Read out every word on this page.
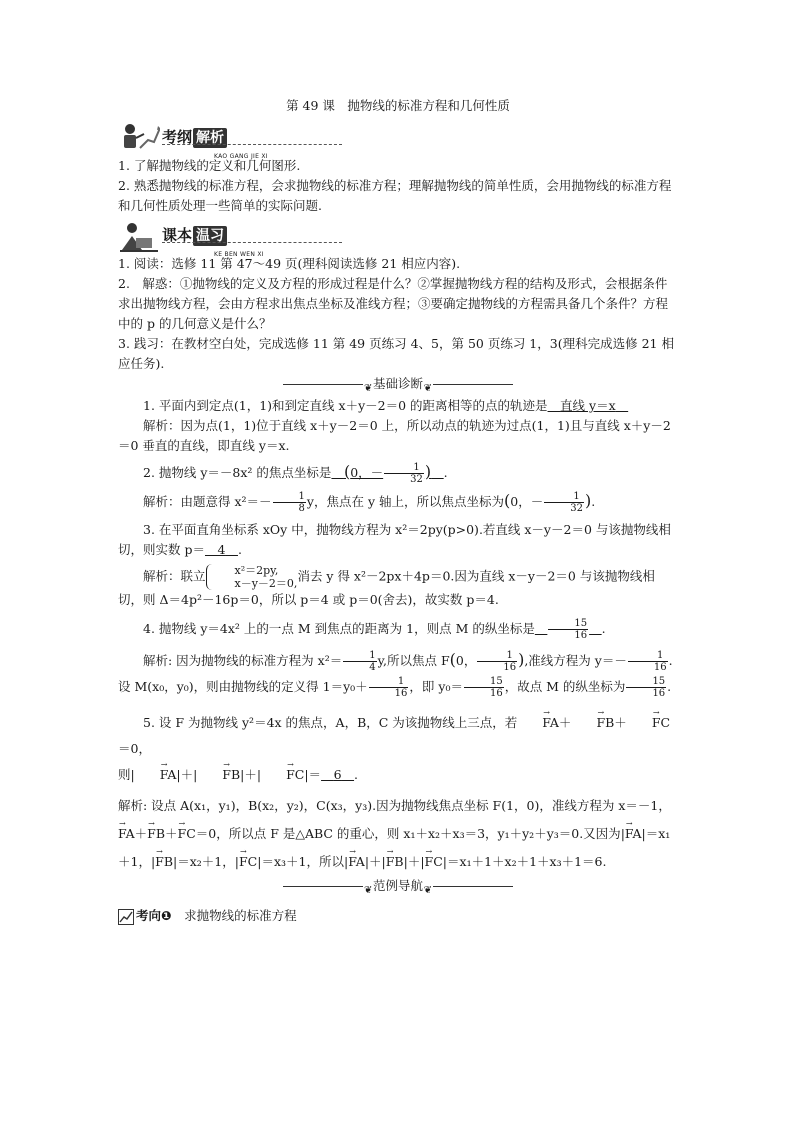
第 49 课　抛物线的标准方程和几何性质
考纲 解析
KAO GANG JIE XI

1. 了解抛物线的定义和几何图形.

2. 熟悉抛物线的标准方程，会求抛物线的标准方程；理解抛物线的简单性质，会用抛物线的标准方程和几何性质处理一些简单的实际问题.

课本 温习
KE BEN WEN XI

1. 阅读：选修 11 第 47～49 页(理科阅读选修 21 相应内容).

2.　解惑：①抛物线的定义及方程的形成过程是什么？②掌握抛物线方程的结构及形式，会根据条件求出抛物线方程，会由方程求出焦点坐标及准线方程；③要确定抛物线的方程需具备几个条件？方程中的 p 的几何意义是什么？

3. 践习：在教材空白处，完成选修 11 第 49 页练习 4、5，第 50 页练习 1，3(理科完成选修 21 相应任务).

❦ 基础诊断 ❦

1. 平面内到定点(1，1)和到定直线 x＋y－2＝0 的距离相等的点的轨迹是　 直线 y＝x　

解析：因为点(1，1)位于直线 x＋y－2＝0 上，所以动点的轨迹为过点(1，1)且与直线 x＋y－2＝0 垂直的直线，即直线 y＝x.

2. 抛物线 y＝－8x² 的焦点坐标是　 (0，－ $\frac{1}{32}$ )　 .

解析：由题意得 $x^2=- \frac{1}{8}$ y，焦点在 y 轴上，所以焦点坐标为(0，－ $\frac{1}{32}$ ).

3. 在平面直角坐标系 xOy 中，抛物线方程为 x²＝2py(p>0).若直线 x－y－2＝0 与该抛物线相切，则实数 p＝　 4　 .

解析：联立	x²＝2py,
x－y－2＝0, 消去 y 得 x²－2px＋4p＝0.因为直线 x－y－2＝0 与该抛物线相切，则 Δ＝4p²－16p＝0，所以 p＝4 或 p＝0(舍去)，故实数 p＝4.

4. 抛物线 y＝4x² 上的一点 M 到焦点的距离为 1，则点 M 的纵坐标是　 $\frac{15}{16}$
　 .

解析: 因为抛物线的标准方程为 $x^2= \frac{1}{4} y$,所以焦点 F(0， $\frac{1}{16}$ ),准线方程为 $y=- \frac{1}{16}$ .设 M(x₀，y₀)，则由抛物线的定义得 $1=y_0+ \frac{1}{16}$ ，即 $y_0= \frac{15}{16}$ ，故点 M 的纵坐标为 $\frac{15}{16}$ .

5. 设 F 为抛物线 y²＝4x 的焦点，A，B，C 为该抛物线上三点，若 → FA＋ → FB＋ → FC＝0，
则| → FA|＋| → FB|＋| → FC|＝　 6　 .

解析: 设点 A(x₁，y₁)，B(x₂，y₂)，C(x₃，y₃).因为抛物线焦点坐标 F(1，0)，准线方程为 x＝－1，→ FA＋→ FB＋→ FC＝0，所以点 F 是△ABC 的重心，则 x₁＋x₂＋x₃＝3，y₁＋y₂＋y₃＝0.又因为|→ FA|＝x₁＋1，|→ FB|＝x₂＋1，|→ FC|＝x₃＋1，所以|→ FA|＋|→ FB|＋|→ FC|＝x₁＋1＋x₂＋1＋x₃＋1＝6.

❦ 范例导航 ❦
考向❶　 求抛物线的标准方程
